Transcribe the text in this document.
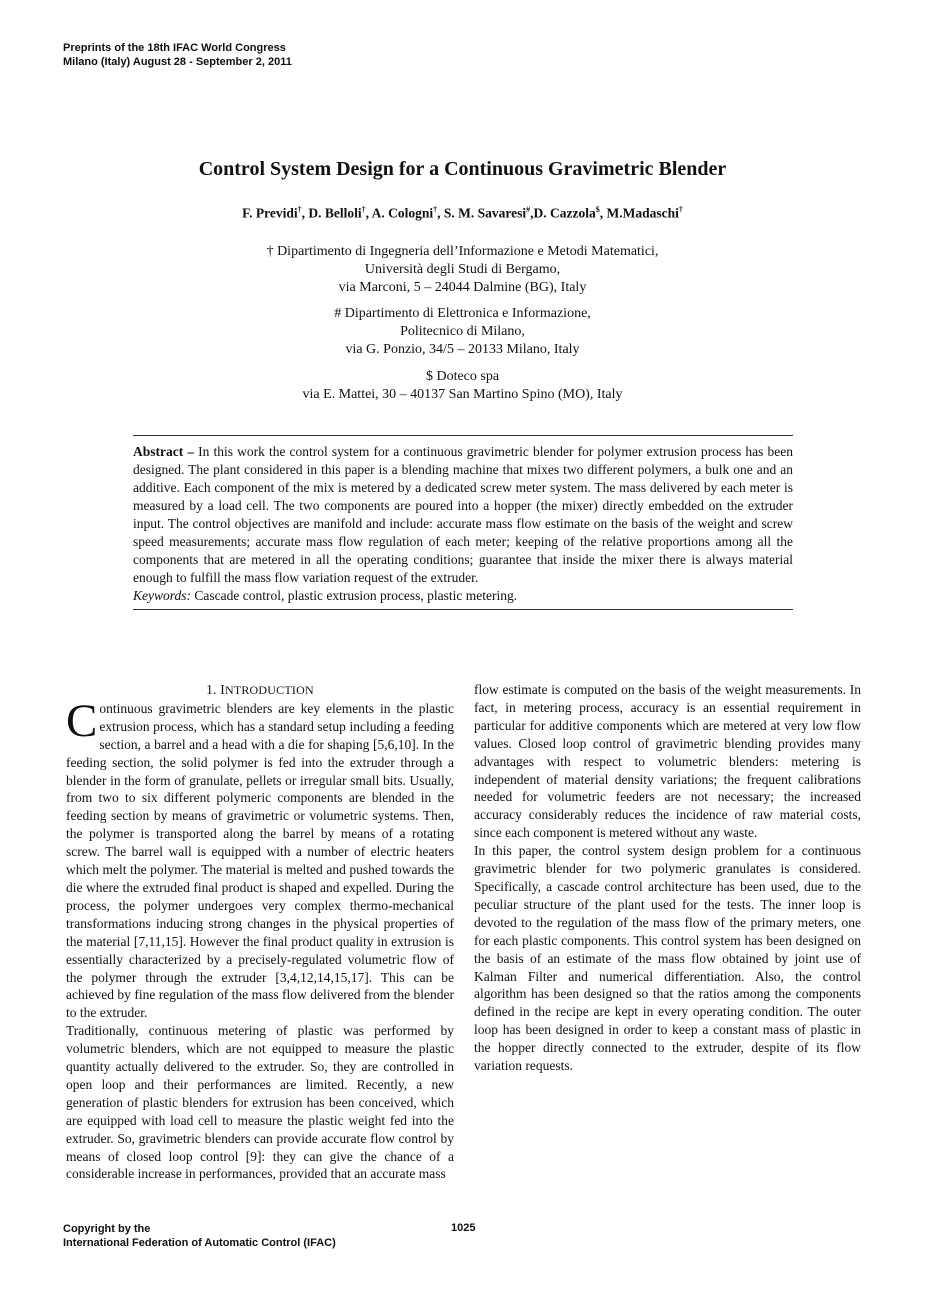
Preprints of the 18th IFAC World Congress
Milano (Italy) August 28 - September 2, 2011
Control System Design for a Continuous Gravimetric Blender
F. Previdi†, D. Belloli†, A. Cologni†, S. M. Savaresi#,D. Cazzola$, M.Madaschi†
† Dipartimento di Ingegneria dell’Informazione e Metodi Matematici,
Università degli Studi di Bergamo,
via Marconi, 5 – 24044 Dalmine (BG), Italy
# Dipartimento di Elettronica e Informazione,
Politecnico di Milano,
via G. Ponzio, 34/5 – 20133 Milano, Italy
$ Doteco spa
via E. Mattei, 30 – 40137 San Martino Spino (MO), Italy
Abstract – In this work the control system for a continuous gravimetric blender for polymer extrusion process has been designed. The plant considered in this paper is a blending machine that mixes two different polymers, a bulk one and an additive. Each component of the mix is metered by a dedicated screw meter system. The mass delivered by each meter is measured by a load cell. The two components are poured into a hopper (the mixer) directly embedded on the extruder input. The control objectives are manifold and include: accurate mass flow estimate on the basis of the weight and screw speed measurements; accurate mass flow regulation of each meter; keeping of the relative proportions among all the components that are metered in all the operating conditions; guarantee that inside the mixer there is always material enough to fulfill the mass flow variation request of the extruder.
Keywords: Cascade control, plastic extrusion process, plastic metering.
1. INTRODUCTION

Continuous gravimetric blenders are key elements in the plastic extrusion process, which has a standard setup including a feeding section, a barrel and a head with a die for shaping [5,6,10]. In the feeding section, the solid polymer is fed into the extruder through a blender in the form of granulate, pellets or irregular small bits. Usually, from two to six different polymeric components are blended in the feeding section by means of gravimetric or volumetric systems. Then, the polymer is transported along the barrel by means of a rotating screw. The barrel wall is equipped with a number of electric heaters which melt the polymer. The material is melted and pushed towards the die where the extruded final product is shaped and expelled. During the process, the polymer undergoes very complex thermo-mechanical transformations inducing strong changes in the physical properties of the material [7,11,15]. However the final product quality in extrusion is essentially characterized by a precisely-regulated volumetric flow of the polymer through the extruder [3,4,12,14,15,17]. This can be achieved by fine regulation of the mass flow delivered from the blender to the extruder.

Traditionally, continuous metering of plastic was performed by volumetric blenders, which are not equipped to measure the plastic quantity actually delivered to the extruder. So, they are controlled in open loop and their performances are limited. Recently, a new generation of plastic blenders for extrusion has been conceived, which are equipped with load cell to measure the plastic weight fed into the extruder. So, gravimetric blenders can provide accurate flow control by means of closed loop control [9]: they can give the chance of a considerable increase in performances, provided that an accurate mass

flow estimate is computed on the basis of the weight measurements. In fact, in metering process, accuracy is an essential requirement in particular for additive components which are metered at very low flow values. Closed loop control of gravimetric blending provides many advantages with respect to volumetric blenders: metering is independent of material density variations; the frequent calibrations needed for volumetric feeders are not necessary; the increased accuracy considerably reduces the incidence of raw material costs, since each component is metered without any waste.

In this paper, the control system design problem for a continuous gravimetric blender for two polymeric granulates is considered. Specifically, a cascade control architecture has been used, due to the peculiar structure of the plant used for the tests. The inner loop is devoted to the regulation of the mass flow of the primary meters, one for each plastic components. This control system has been designed on the basis of an estimate of the mass flow obtained by joint use of Kalman Filter and numerical differentiation. Also, the control algorithm has been designed so that the ratios among the components defined in the recipe are kept in every operating condition. The outer loop has been designed in order to keep a constant mass of plastic in the hopper directly connected to the extruder, despite of its flow variation requests.

Copyright by the
International Federation of Automatic Control (IFAC)
1025
